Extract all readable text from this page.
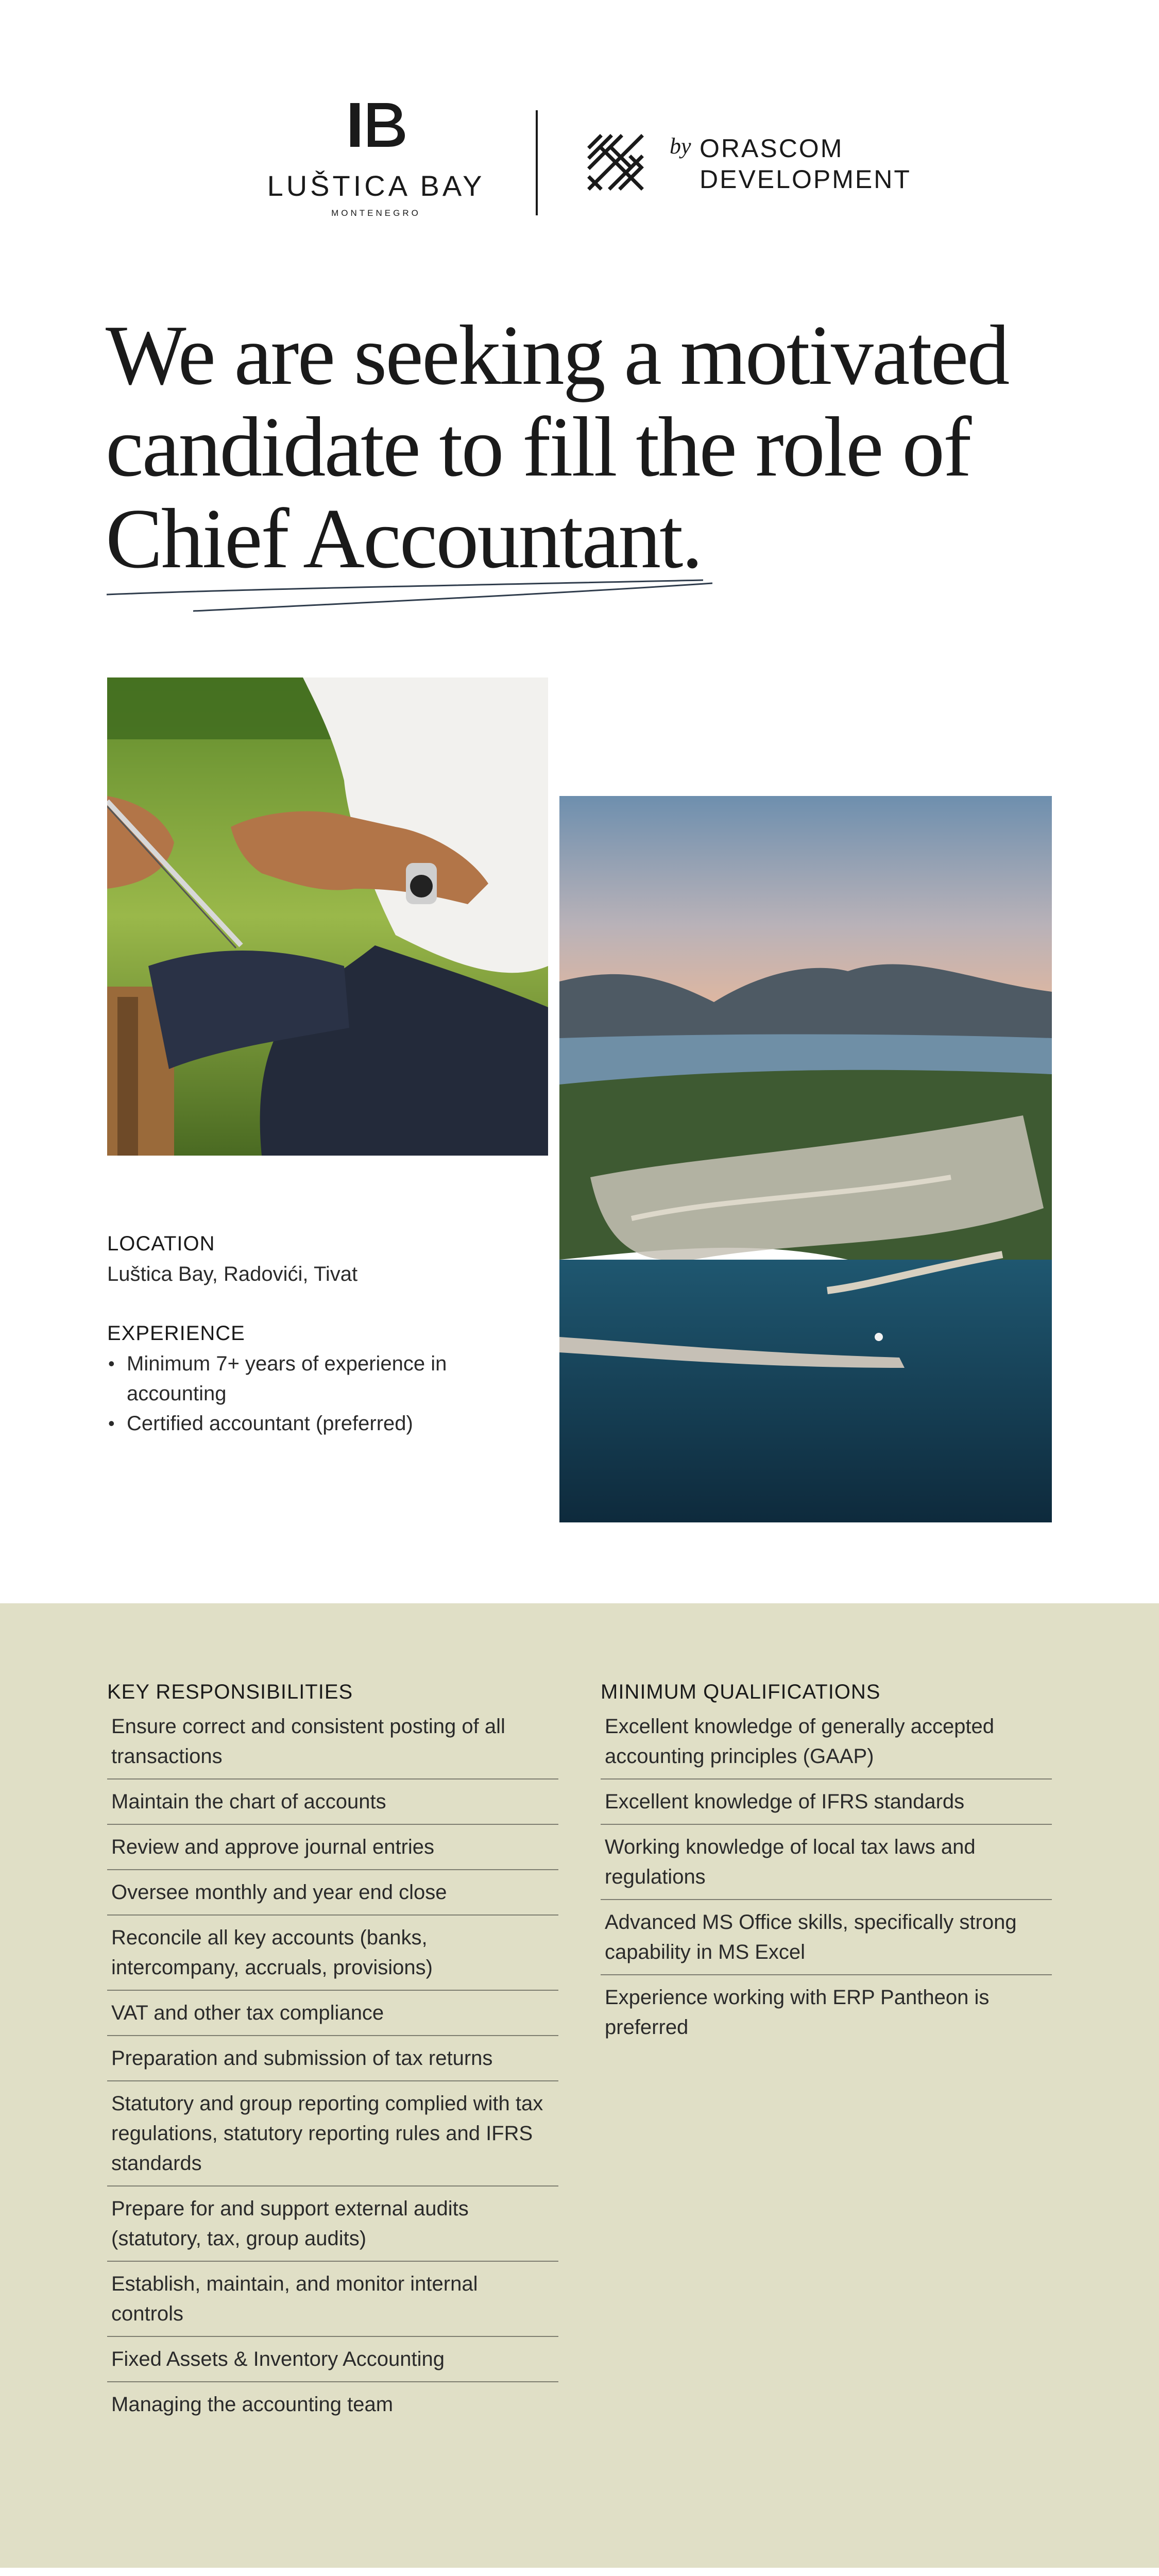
LUŠTICA BAY
MONTENEGRO
by ORASCOM
DEVELOPMENT
We are seeking a motivated
candidate to fill the role of
Chief Accountant.
LOCATION
Luštica Bay, Radovići, Tivat
EXPERIENCE
• Minimum 7+ years of experience in accounting
• Certified accountant (preferred)
KEY RESPONSIBILITIES	MINIMUM QUALIFICATIONS
Ensure correct and consistent posting of all transactions
Maintain the chart of accounts
Review and approve journal entries
Oversee monthly and year end close
Reconcile all key accounts (banks, intercompany, accruals, provisions)
VAT and other tax compliance
Preparation and submission of tax returns
Statutory and group reporting complied with tax regulations, statutory reporting rules and IFRS standards
Prepare for and support external audits (statutory, tax, group audits)
Establish, maintain, and monitor internal controls
Fixed Assets & Inventory Accounting
Managing the accounting team
Excellent knowledge of generally accepted accounting principles (GAAP)
Excellent knowledge of IFRS standards
Working knowledge of local tax laws and regulations
Advanced MS Office skills, specifically strong capability in MS Excel
Experience working with ERP Pantheon is preferred
